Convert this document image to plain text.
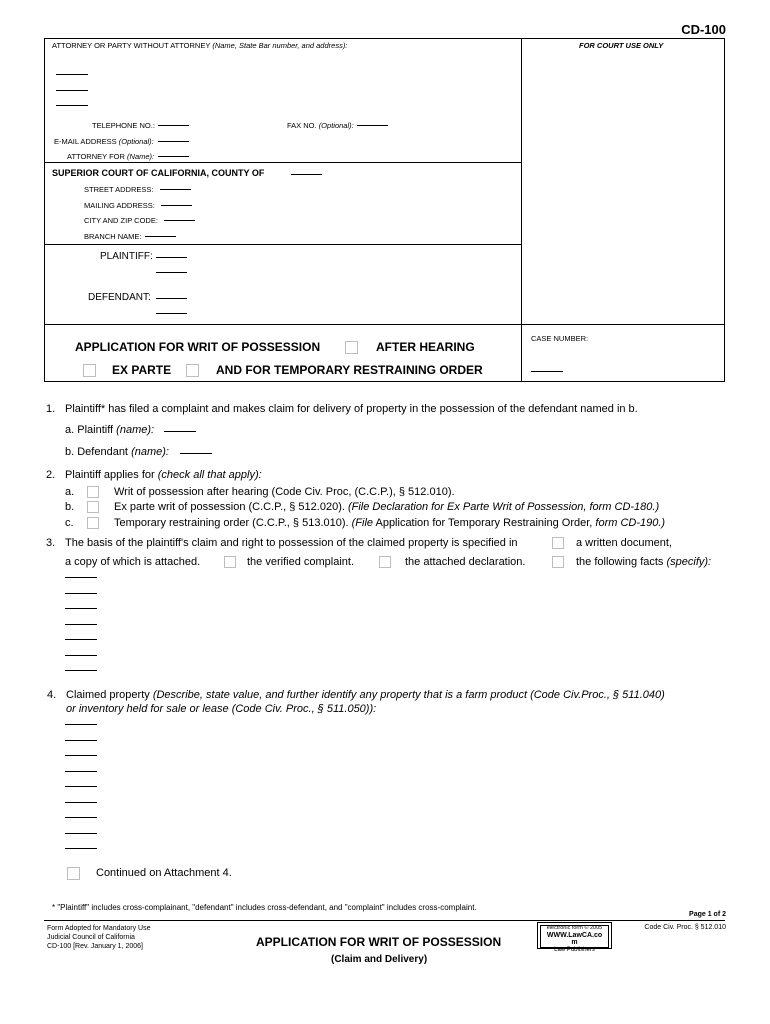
CD-100
ATTORNEY OR PARTY WITHOUT ATTORNEY (Name, State Bar number, and address):	FOR COURT USE ONLY
TELEPHONE NO.:	FAX NO. (Optional):
E-MAIL ADDRESS (Optional):
ATTORNEY FOR (Name):
SUPERIOR COURT OF CALIFORNIA, COUNTY OF
STREET ADDRESS:
MAILING ADDRESS:
CITY AND ZIP CODE:
BRANCH NAME:
PLAINTIFF:
DEFENDANT:
APPLICATION FOR WRIT OF POSSESSION	AFTER HEARING
EX PARTE	AND FOR TEMPORARY RESTRAINING ORDER
CASE NUMBER:
1. Plaintiff* has filed a complaint and makes claim for delivery of property in the possession of the defendant named in b.
a. Plaintiff (name):
b. Defendant (name):
2. Plaintiff applies for (check all that apply):
a.	Writ of possession after hearing (Code Civ. Proc, (C.C.P.), § 512.010).
b.	Ex parte writ of possession (C.C.P., § 512.020). (File Declaration for Ex Parte Writ of Possession, form CD-180.)
c.	Temporary restraining order (C.C.P., § 513.010). (File Application for Temporary Restraining Order, form CD-190.)
3. The basis of the plaintiff's claim and right to possession of the claimed property is specified in	a written document,
a copy of which is attached.	the verified complaint.	the attached declaration.	the following facts (specify):
4. Claimed property (Describe, state value, and further identify any property that is a farm product (Code Civ.Proc., § 511.040)
or inventory held for sale or lease (Code Civ. Proc., § 511.050)):
Continued on Attachment 4.
* "Plaintiff" includes cross-complainant, "defendant" includes cross-defendant, and "complaint" includes cross-complaint.
Page 1 of 2
Form Adopted for Mandatory Use
Judicial Council of California
CD-100 [Rev. January 1, 2006]	APPLICATION FOR WRIT OF POSSESSION
(Claim and Delivery)
electronic form © 2005
WWW.LawCA.co
m
Law Publishers
Code Civ. Proc. § 512.010
